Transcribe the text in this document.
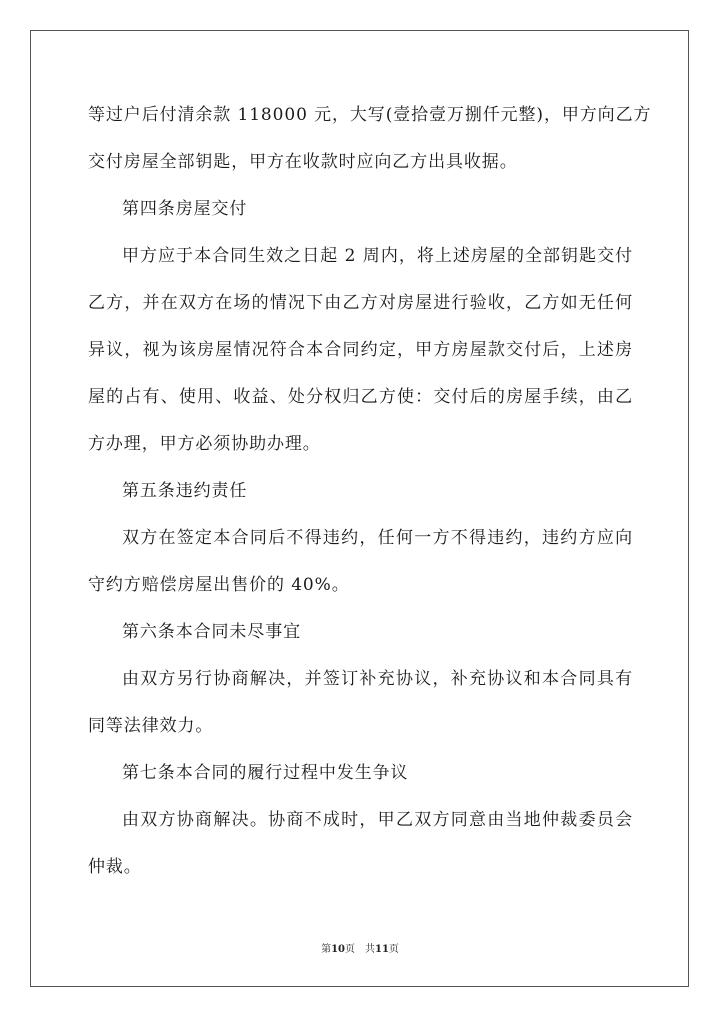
等过户后付清余款 118000 元，大写(壹拾壹万捌仟元整)，甲方向乙方
交付房屋全部钥匙，甲方在收款时应向乙方出具收据。
第四条房屋交付
甲方应于本合同生效之日起 2 周内，将上述房屋的全部钥匙交付
乙方，并在双方在场的情况下由乙方对房屋进行验收，乙方如无任何
异议，视为该房屋情况符合本合同约定，甲方房屋款交付后，上述房
屋的占有、使用、收益、处分权归乙方使：交付后的房屋手续，由乙
方办理，甲方必须协助办理。
第五条违约责任
双方在签定本合同后不得违约，任何一方不得违约，违约方应向
守约方赔偿房屋出售价的 40%。
第六条本合同未尽事宜
由双方另行协商解决，并签订补充协议，补充协议和本合同具有
同等法律效力。
第七条本合同的履行过程中发生争议
由双方协商解决。协商不成时，甲乙双方同意由当地仲裁委员会
仲裁。
第10页　共11页
